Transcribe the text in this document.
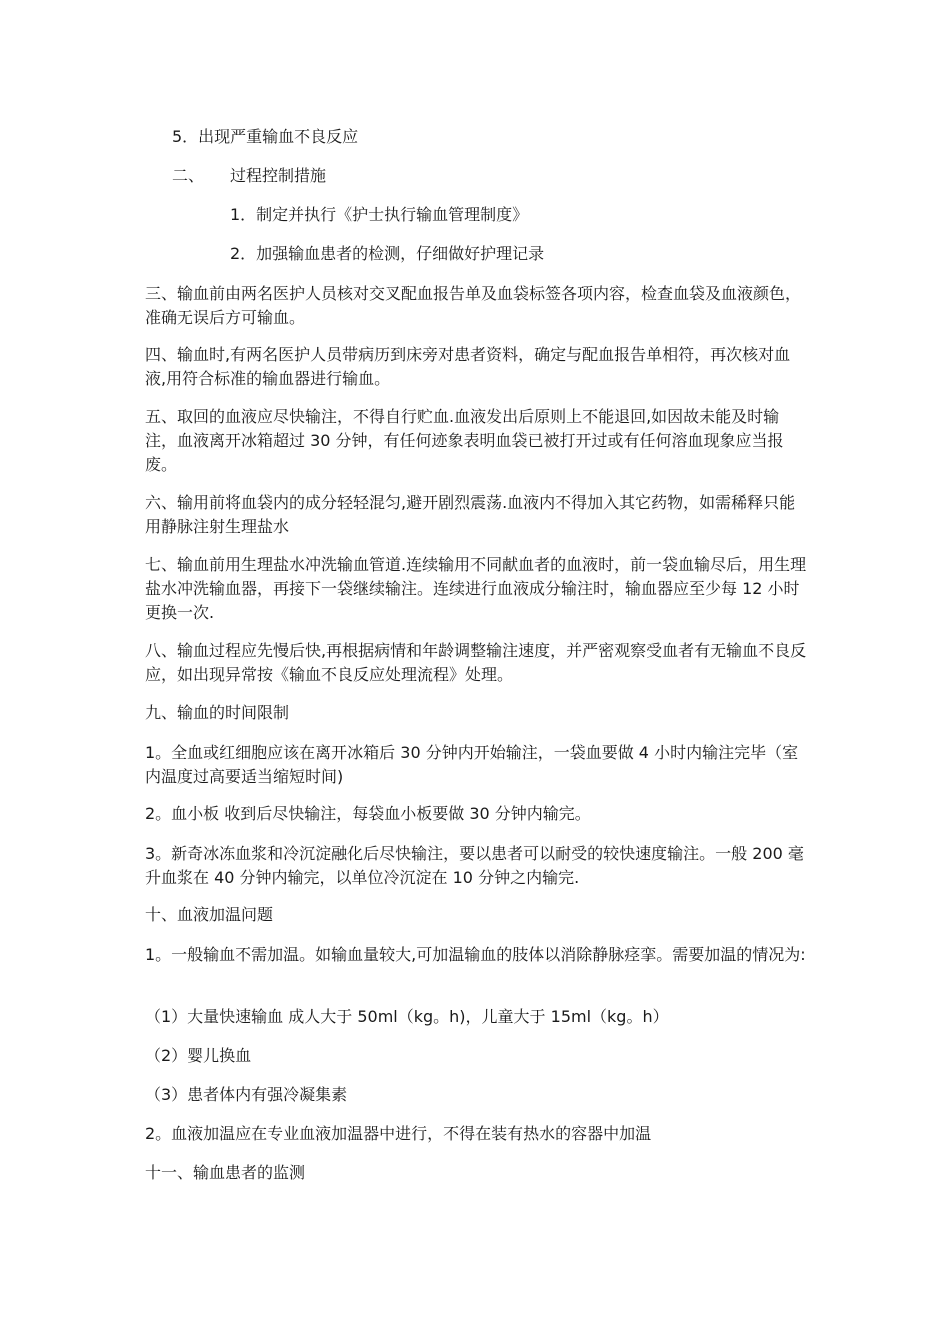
5．出现严重输血不良反应

二、	过程控制措施

1．制定并执行《护士执行输血管理制度》

2．加强输血患者的检测，仔细做好护理记录

三、输血前由两名医护人员核对交叉配血报告单及血袋标签各项内容，检查血袋及血液颜色，准确无误后方可输血。

四、输血时,有两名医护人员带病历到床旁对患者资料，确定与配血报告单相符，再次核对血液,用符合标准的输血器进行输血。

五、取回的血液应尽快输注，不得自行贮血.血液发出后原则上不能退回,如因故未能及时输注，血液离开冰箱超过 30 分钟，有任何迹象表明血袋已被打开过或有任何溶血现象应当报废。

六、输用前将血袋内的成分轻轻混匀,避开剧烈震荡.血液内不得加入其它药物，如需稀释只能用静脉注射生理盐水

七、输血前用生理盐水冲洗输血管道.连续输用不同献血者的血液时，前一袋血输尽后，用生理盐水冲洗输血器，再接下一袋继续输注。连续进行血液成分输注时，输血器应至少每 12 小时更换一次.

八、输血过程应先慢后快,再根据病情和年龄调整输注速度，并严密观察受血者有无输血不良反应，如出现异常按《输血不良反应处理流程》处理。

九、输血的时间限制

1。全血或红细胞应该在离开冰箱后 30 分钟内开始输注，一袋血要做 4 小时内输注完毕（室内温度过高要适当缩短时间)

2。血小板 收到后尽快输注，每袋血小板要做 30 分钟内输完。

3。新奇冰冻血浆和冷沉淀融化后尽快输注，要以患者可以耐受的较快速度输注。一般 200 毫升血浆在 40 分钟内输完，以单位冷沉淀在 10 分钟之内输完.

十、血液加温问题

1。一般输血不需加温。如输血量较大,可加温输血的肢体以消除静脉痉挛。需要加温的情况为:

（1）大量快速输血 成人大于 50ml（kg。h)，儿童大于 15ml（kg。h）

（2）婴儿换血

（3）患者体内有强冷凝集素

2。血液加温应在专业血液加温器中进行，不得在装有热水的容器中加温

十一、输血患者的监测
